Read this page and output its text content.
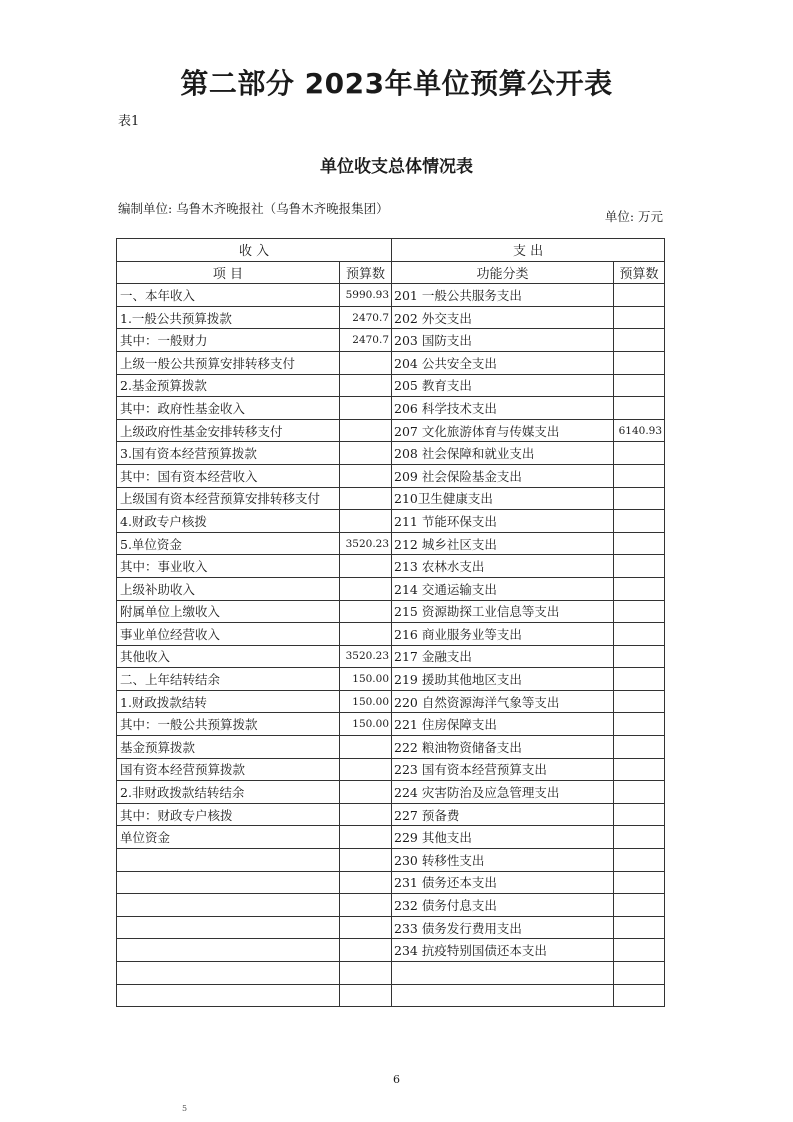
第二部分 2023年单位预算公开表
表1
单位收支总体情况表
编制单位: 乌鲁木齐晚报社（乌鲁木齐晚报集团）
单位: 万元
收 入		支 出	
项 目	预算数	功能分类	预算数
一、本年收入	5990.93	201 一般公共服务支出	
1.一般公共预算拨款	2470.7	202 外交支出	
其中：一般财力	2470.7	203 国防支出	
上级一般公共预算安排转移支付		204 公共安全支出	
2.基金预算拨款		205 教育支出	
其中：政府性基金收入		206 科学技术支出	
上级政府性基金安排转移支付		207 文化旅游体育与传媒支出	6140.93
3.国有资本经营预算拨款		208 社会保障和就业支出	
其中：国有资本经营收入		209 社会保险基金支出	
上级国有资本经营预算安排转移支付		210卫生健康支出	
4.财政专户核拨		211 节能环保支出	
5.单位资金	3520.23	212 城乡社区支出	
其中：事业收入		213 农林水支出	
上级补助收入		214 交通运输支出	
附属单位上缴收入		215 资源勘探工业信息等支出	
事业单位经营收入		216 商业服务业等支出	
其他收入	3520.23	217 金融支出	
二、上年结转结余	150.00	219 援助其他地区支出	
1.财政拨款结转	150.00	220 自然资源海洋气象等支出	
其中：一般公共预算拨款	150.00	221 住房保障支出	
基金预算拨款		222 粮油物资储备支出	
国有资本经营预算拨款		223 国有资本经营预算支出	
2.非财政拨款结转结余		224 灾害防治及应急管理支出	
其中：财政专户核拨		227 预备费	
单位资金		229 其他支出	
		230 转移性支出	
		231 债务还本支出	
		232 债务付息支出	
		233 债务发行费用支出	
		234 抗疫特别国债还本支出	

6
5
